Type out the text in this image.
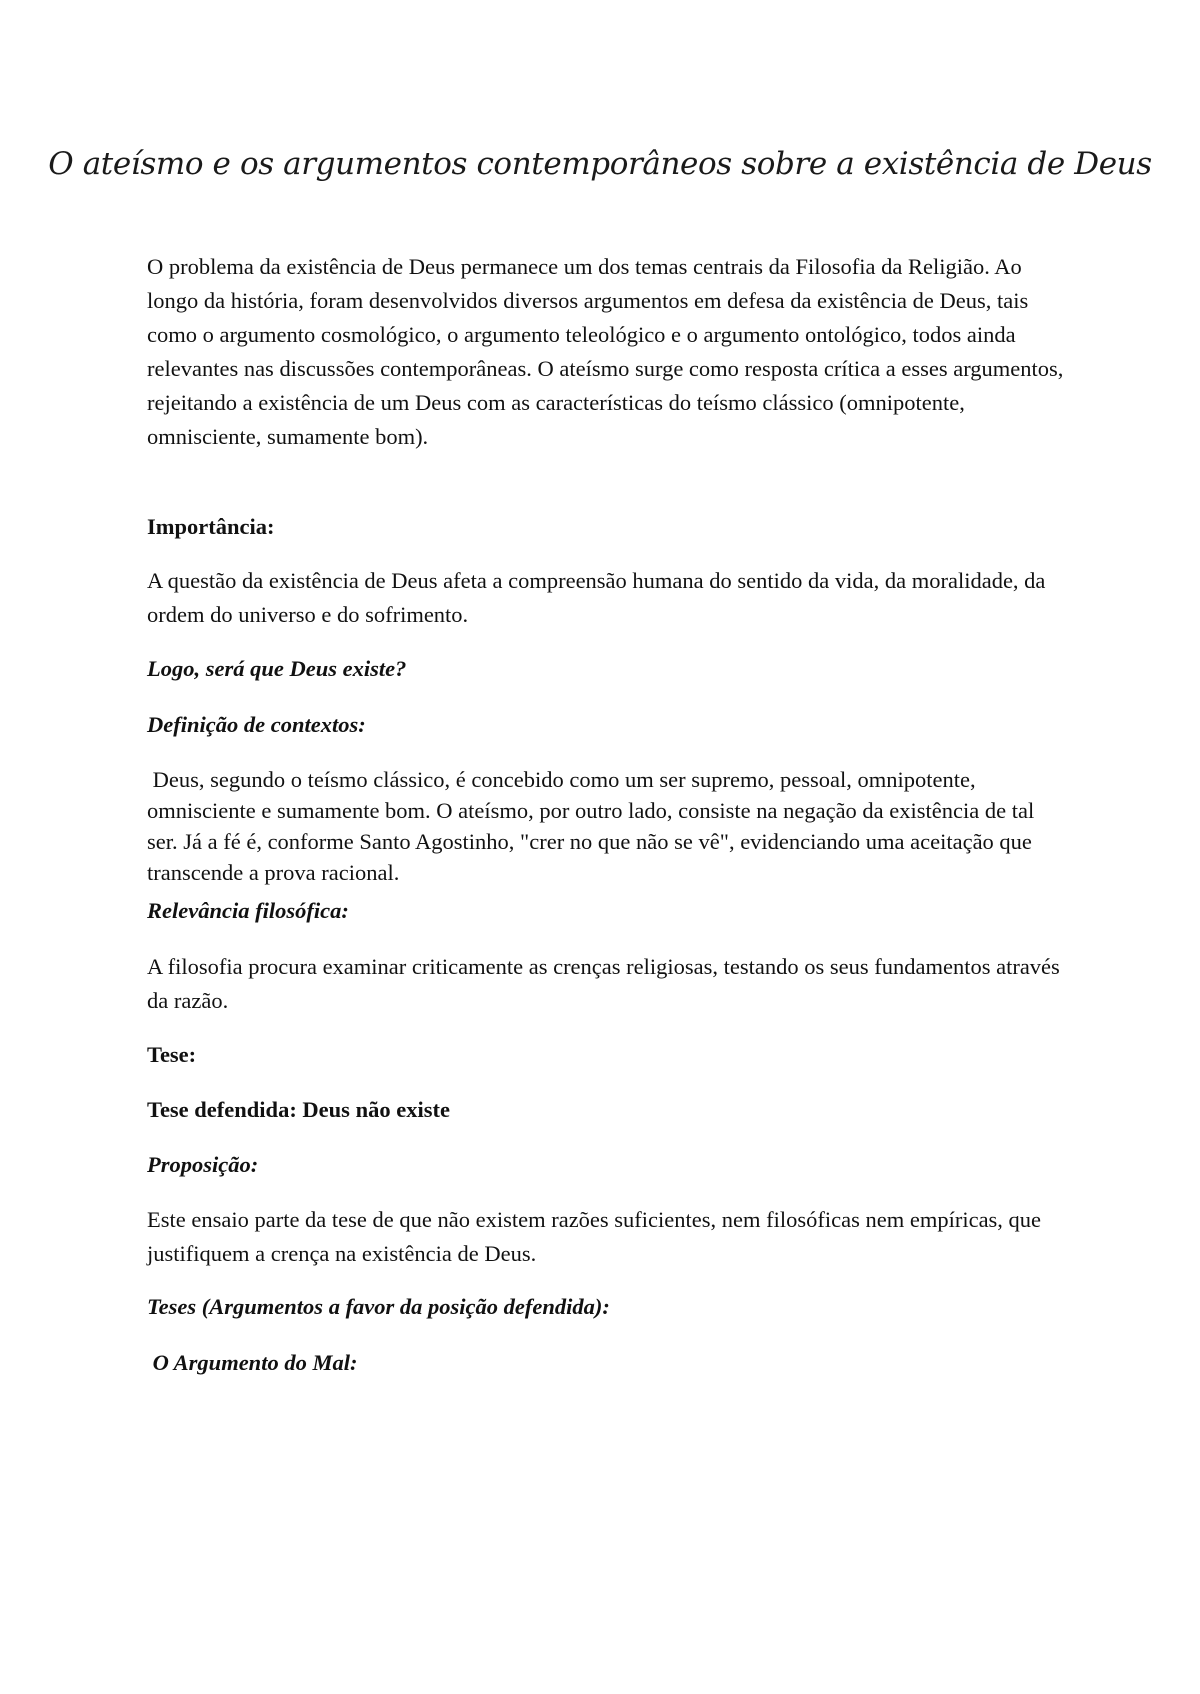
O ateísmo e os argumentos contemporâneos sobre a existência de Deus

O problema da existência de Deus permanece um dos temas centrais da Filosofia da Religião. Ao longo da história, foram desenvolvidos diversos argumentos em defesa da existência de Deus, tais como o argumento cosmológico, o argumento teleológico e o argumento ontológico, todos ainda relevantes nas discussões contemporâneas. O ateísmo surge como resposta crítica a esses argumentos, rejeitando a existência de um Deus com as características do teísmo clássico (omnipotente, omnisciente, sumamente bom).

Importância:

A questão da existência de Deus afeta a compreensão humana do sentido da vida, da moralidade, da ordem do universo e do sofrimento.

Logo, será que Deus existe?

Definição de contextos:

Deus, segundo o teísmo clássico, é concebido como um ser supremo, pessoal, omnipotente, omnisciente e sumamente bom. O ateísmo, por outro lado, consiste na negação da existência de tal ser. Já a fé é, conforme Santo Agostinho, "crer no que não se vê", evidenciando uma aceitação que transcende a prova racional.

Relevância filosófica:

A filosofia procura examinar criticamente as crenças religiosas, testando os seus fundamentos através da razão.

Tese:

Tese defendida: Deus não existe

Proposição:

Este ensaio parte da tese de que não existem razões suficientes, nem filosóficas nem empíricas, que justifiquem a crença na existência de Deus.

Teses (Argumentos a favor da posição defendida):

O Argumento do Mal:
